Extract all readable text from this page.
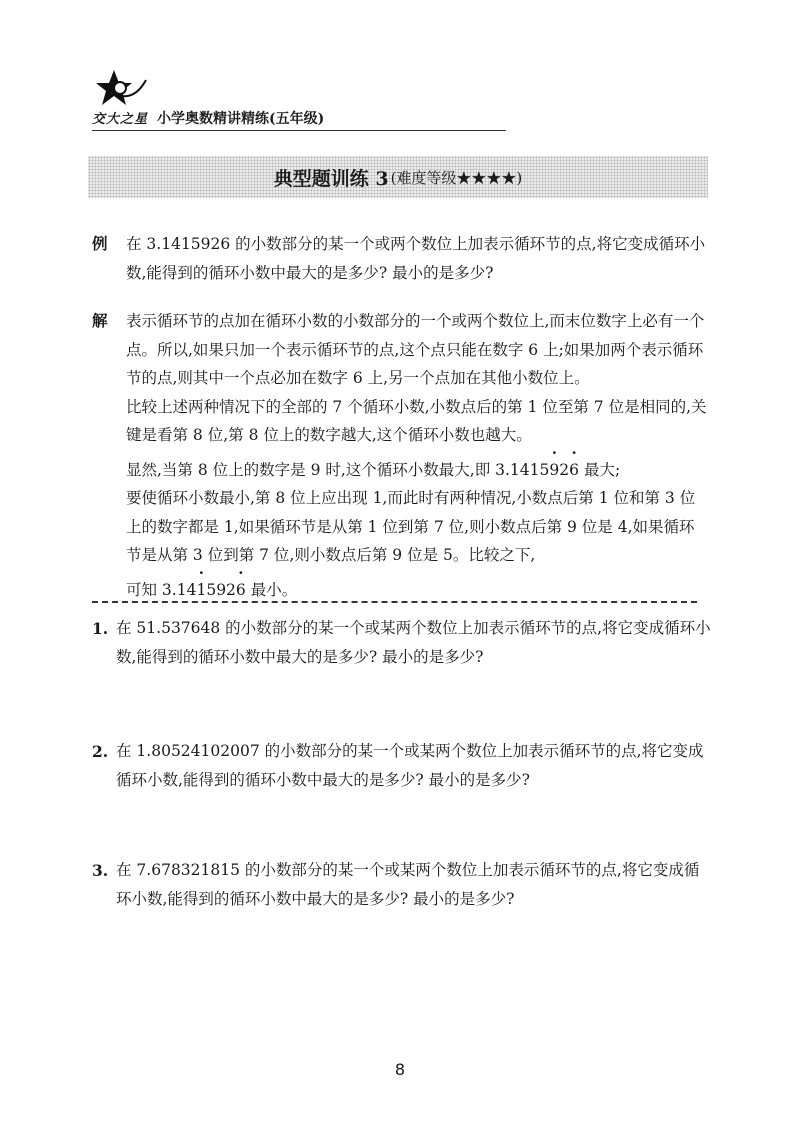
交大之星 小学奥数精讲精练(五年级)
典型题训练 3 (难度等级★★★★)
例 在 3.1415926 的小数部分的某一个或两个数位上加表示循环节的点,将它变成循环小数,能得到的循环小数中最大的是多少? 最小的是多少?

解 表示循环节的点加在循环小数的小数部分的一个或两个数位上,而末位数字上必有一个点。所以,如果只加一个表示循环节的点,这个点只能在数字 6 上;如果加两个表示循环节的点,则其中一个点必加在数字 6 上,另一个点加在其他小数位上。

比较上述两种情况下的全部的 7 个循环小数,小数点后的第 1 位至第 7 位是相同的,关键是看第 8 位,第 8 位上的数字越大,这个循环小数也越大。

显然,当第 8 位上的数字是 9 时,这个循环小数最大,即 3.1415· 92· 6 最大;

要使循环小数最小,第 8 位上应出现 1,而此时有两种情况,小数点后第 1 位和第 3 位上的数字都是 1,如果循环节是从第 1 位到第 7 位,则小数点后第 9 位是 4,如果循环节是从第 3 位到第 7 位,则小数点后第 9 位是 5。比较之下,

可知 3.14· 1592· 6 最小。

1. 在 51.537648 的小数部分的某一个或某两个数位上加表示循环节的点,将它变成循环小数,能得到的循环小数中最大的是多少? 最小的是多少?
2. 在 1.80524102007 的小数部分的某一个或某两个数位上加表示循环节的点,将它变成循环小数,能得到的循环小数中最大的是多少? 最小的是多少?
3. 在 7.678321815 的小数部分的某一个或某两个数位上加表示循环节的点,将它变成循环小数,能得到的循环小数中最大的是多少? 最小的是多少?
8
